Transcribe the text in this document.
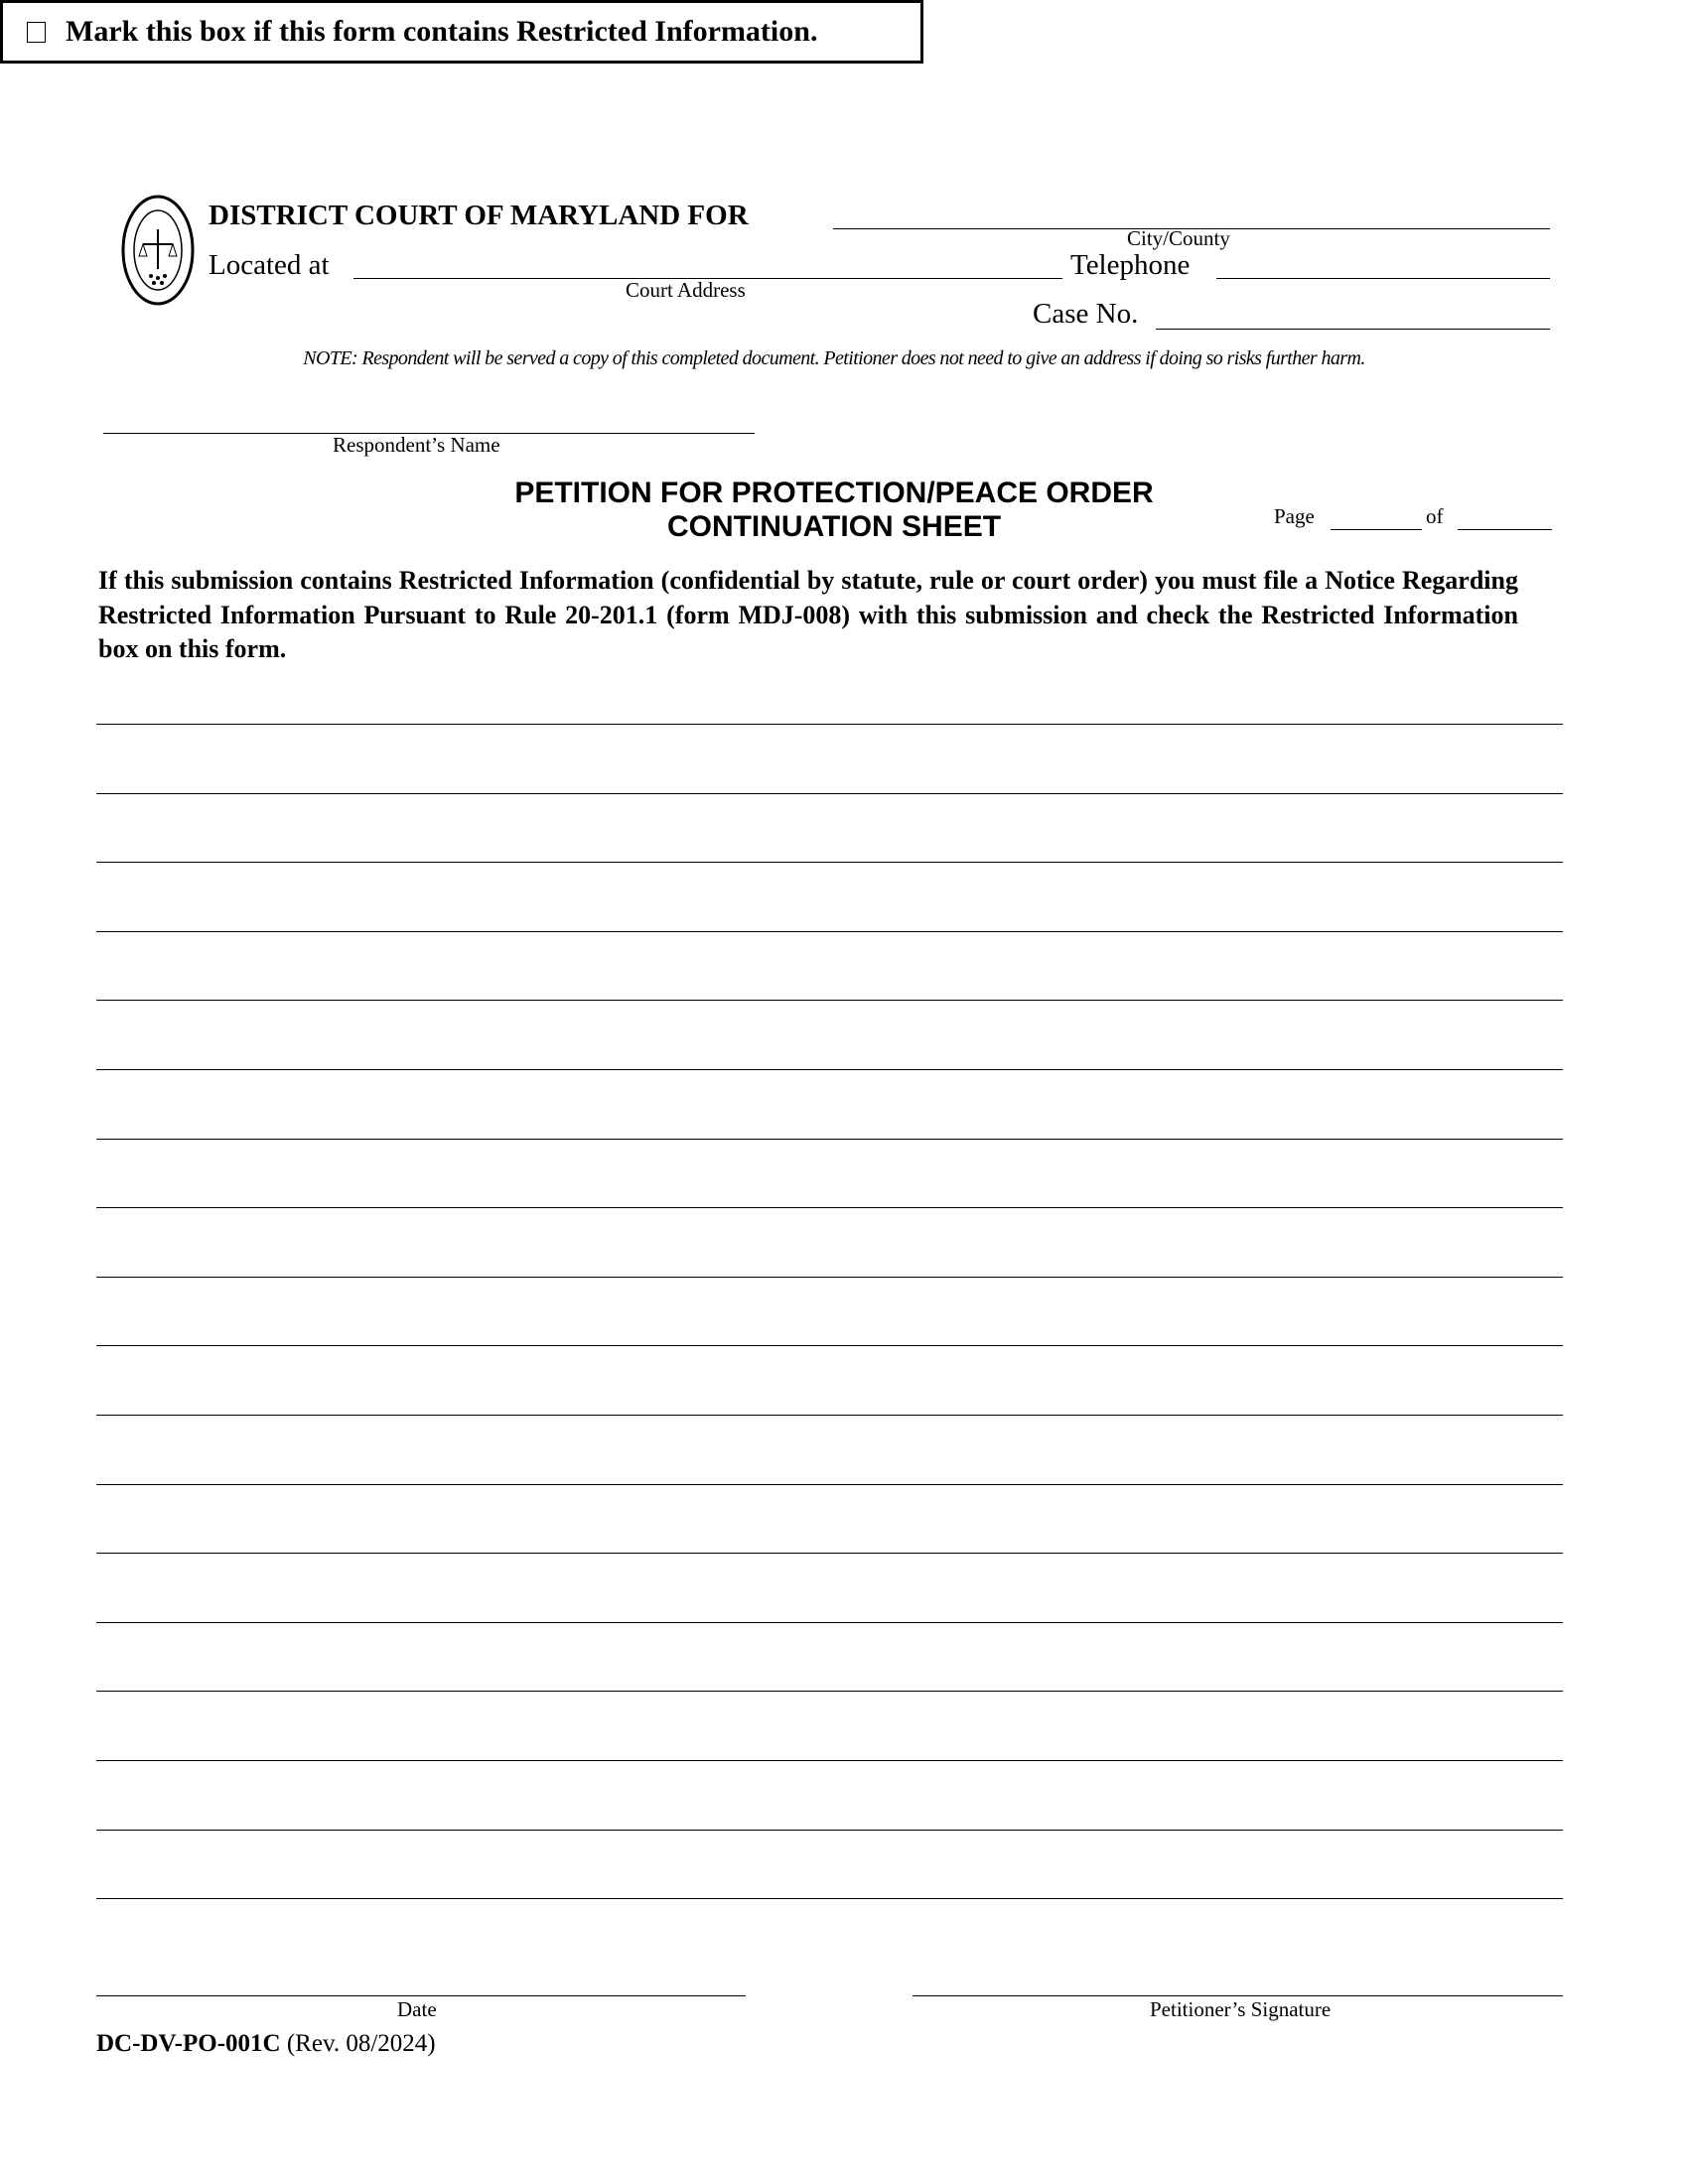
Mark this box if this form contains Restricted Information.
DISTRICT COURT OF MARYLAND FOR
City/County
Located at
Court Address
Telephone
Case No.
NOTE: Respondent will be served a copy of this completed document. Petitioner does not need to give an address if doing so risks further harm.
Respondent’s Name
PETITION FOR PROTECTION/PEACE ORDER
CONTINUATION SHEET	Page	of
If this submission contains Restricted Information (confidential by statute, rule or court order) you must file a Notice Regarding Restricted Information Pursuant to Rule 20-201.1 (form MDJ-008) with this submission and check the Restricted Information box on this form.
Date	Petitioner’s Signature
DC-DV-PO-001C (Rev. 08/2024)
